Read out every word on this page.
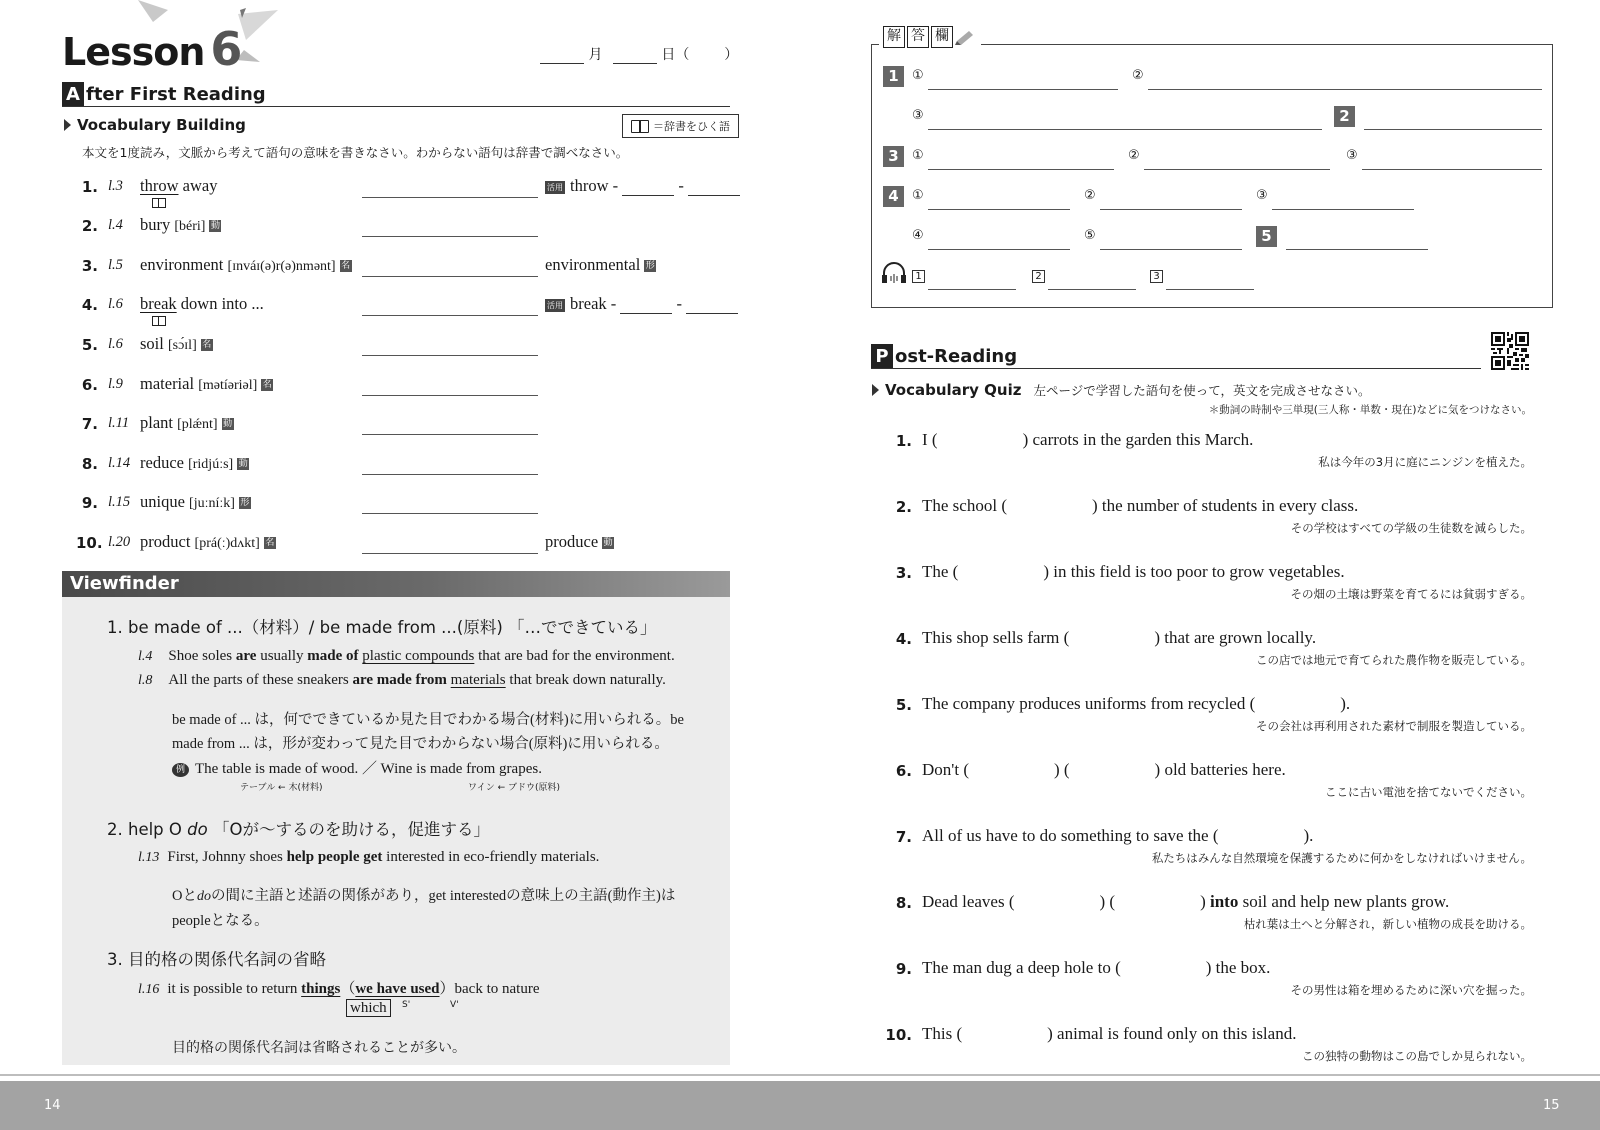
Lesson 6	月	日（ ）
A fter First Reading
Vocabulary Building	＝辞書をひく語
本文を1度読み，文脈から考えて語句の意味を書きなさい。わからない語句は辞書で調べなさい。
1. l.3 throw away	活用 throw -	-
2. l.4 bury [béri] 動
3. l.5 environment [ɪnváɪ(ə)r(ə)nmənt] 名	environmental 形
4. l.6 break down into ...	活用 break -	-
5. l.6 soil [sɔ́ɪl] 名
6. l.9 material [mətíəriəl] 名
7. l.11 plant [plǽnt] 動
8. l.14 reduce [ridjúːs] 動
9. l.15 unique [juːníːk] 形
10. l.20 product [prá(ː)dʌkt] 名	produce 動
Viewfinder
1. be made of ...（材料）/ be made from ...(原料) 「…でできている」
l.4 Shoe soles are usually made of plastic compounds that are bad for the environment.
l.8 All the parts of these sneakers are made from materials that break down naturally.
be made of ... は，何でできているか見た目でわかる場合(材料)に用いられる。be
made from ... は，形が変わって見た目でわからない場合(原料)に用いられる。
例 The table is made of wood. ／ Wine is made from grapes.
テーブル ← 木(材料)	ワイン ← ブドウ(原料)
2. help O do 「Oが～するのを助ける，促進する」
l.13 First, Johnny shoes help people get interested in eco-friendly materials.
Oとdoの間に主語と述語の関係があり，get interestedの意味上の主語(動作主)は
peopleとなる。
3. 目的格の関係代名詞の省略
l.16 it is possible to return things（we have used）back to nature
which	S'	V'
目的格の関係代名詞は省略されることが多い。
解 答 欄
1	①	②
③	2
3	①	②	③
4	①	②	③
④	⑤	5
1	2	3
P ost-Reading
Vocabulary Quiz 左ページで学習した語句を使って，英文を完成させなさい。
＊動詞の時制や三単現(三人称・単数・現在)などに気をつけなさい。
1. I (                    ) carrots in the garden this March.
私は今年の3月に庭にニンジンを植えた。
2. The school (                    ) the number of students in every class.
その学校はすべての学級の生徒数を減らした。
3. The (                    ) in this field is too poor to grow vegetables.
その畑の土壌は野菜を育てるには貧弱すぎる。
4. This shop sells farm (                    ) that are grown locally.
この店では地元で育てられた農作物を販売している。
5. The company produces uniforms from recycled (                    ).
その会社は再利用された素材で制服を製造している。
6. Don't (                    ) (                    ) old batteries here.
ここに古い電池を捨てないでください。
7. All of us have to do something to save the (                    ).
私たちはみんな自然環境を保護するために何かをしなければいけません。
8. Dead leaves (                    ) (                    ) into soil and help new plants grow.
枯れ葉は土へと分解され，新しい植物の成長を助ける。
9. The man dug a deep hole to (                    ) the box.
その男性は箱を埋めるために深い穴を掘った。
10. This (                    ) animal is found only on this island.
この独特の動物はこの島でしか見られない。
14	15
